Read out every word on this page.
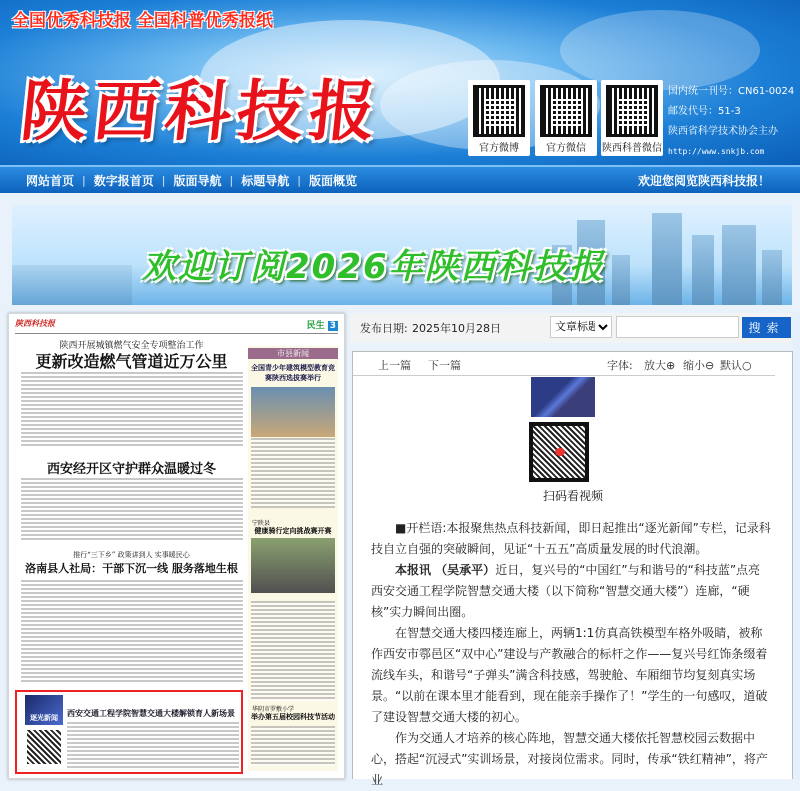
全国优秀科技报 全国科普优秀报纸
陕西科技报	官方微博	官方微信	陕西科普微信
国内统一刊号：CN61-0024
邮发代号：51-3
陕西省科学技术协会主办
http://www.snkjb.com
网站首页 | 数字报首页 | 版面导航 | 标题导航 | 版面概览	欢迎您阅览陕西科技报！
欢迎订阅2026年陕西科技报
陕西科技报	民生 3
陕西开展城镇燃气安全专项整治工作
更新改造燃气管道近万公里
西安经开区守护群众温暖过冬
推行“三下乡” 政策讲到人 实事暖民心
洛南县人社局：干部下沉一线 服务落地生根
市县新闻
全国青少年建筑模型教育竞赛陕西选拔赛举行
宁陕县
健康骑行定向挑战赛开赛
华阴市罗敷小学
举办第五届校园科技节活动
逐光新闻	西安交通工程学院智慧交通大楼解锁育人新场景
发布日期: 2025年10月28日
文章标题	搜索
上一篇 下一篇	字体: 放大⊕ 缩小⊖ 默认○
扫码看视频

■开栏语:本报聚焦热点科技新闻，即日起推出“逐光新闻”专栏，记录科技自立自强的突破瞬间，见证“十五五”高质量发展的时代浪潮。

本报讯 （吴承平）近日，复兴号的“中国红”与和谐号的“科技蓝”点亮西安交通工程学院智慧交通大楼（以下简称“智慧交通大楼”）连廊，“硬核”实力瞬间出圈。

在智慧交通大楼四楼连廊上，两辆1:1仿真高铁模型车格外吸睛，被称作西安市鄠邑区“双中心”建设与产教融合的标杆之作——复兴号红饰条缀着流线车头，和谐号“子弹头”满含科技感，驾驶舱、车厢细节均复刻真实场景。“以前在课本里才能看到，现在能亲手操作了！”学生的一句感叹，道破了建设智慧交通大楼的初心。

作为交通人才培养的核心阵地，智慧交通大楼依托智慧校园云数据中心，搭起“沉浸式”实训场景，对接岗位需求。同时，传承“铁红精神”，将产业
